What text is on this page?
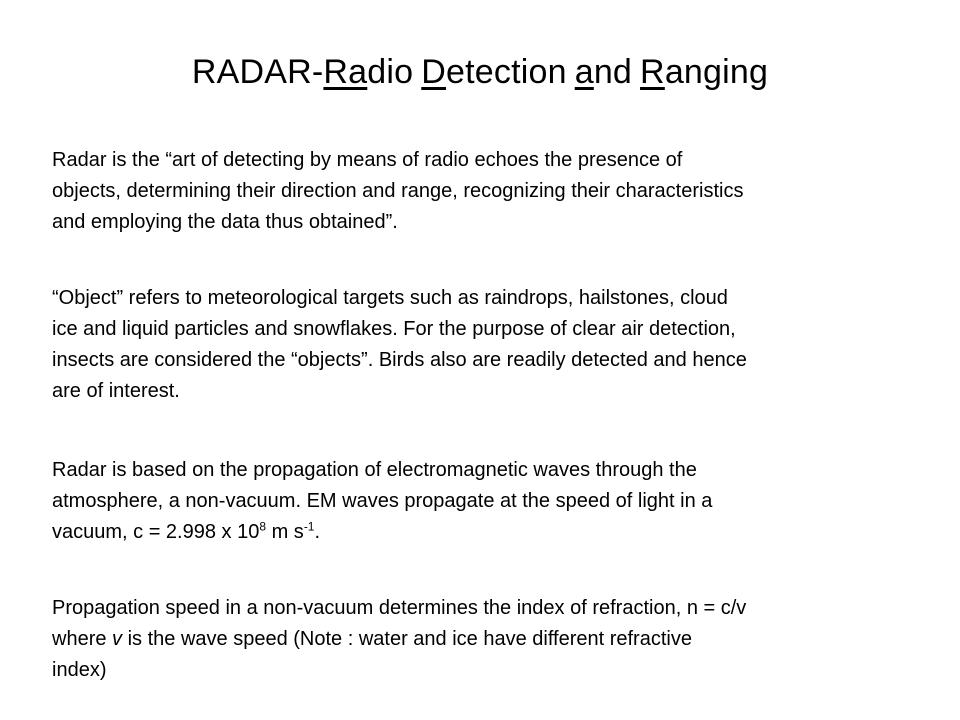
RADAR-Radio Detection and Ranging
Radar is the “art of detecting by means of radio echoes the presence of
objects, determining their direction and range, recognizing their characteristics
and employing the data thus obtained”.
“Object” refers to meteorological targets such as raindrops, hailstones, cloud
ice and liquid particles and snowflakes. For the purpose of clear air detection,
insects are considered the “objects”. Birds also are readily detected and hence
are of interest.
Radar is based on the propagation of electromagnetic waves through the
atmosphere, a non-vacuum. EM waves propagate at the speed of light in a
vacuum, c = 2.998 x $10^8$ m $s^{-1}$.
Propagation speed in a non-vacuum determines the index of refraction, n = c/v
where v is the wave speed (Note : water and ice have different refractive
index)
